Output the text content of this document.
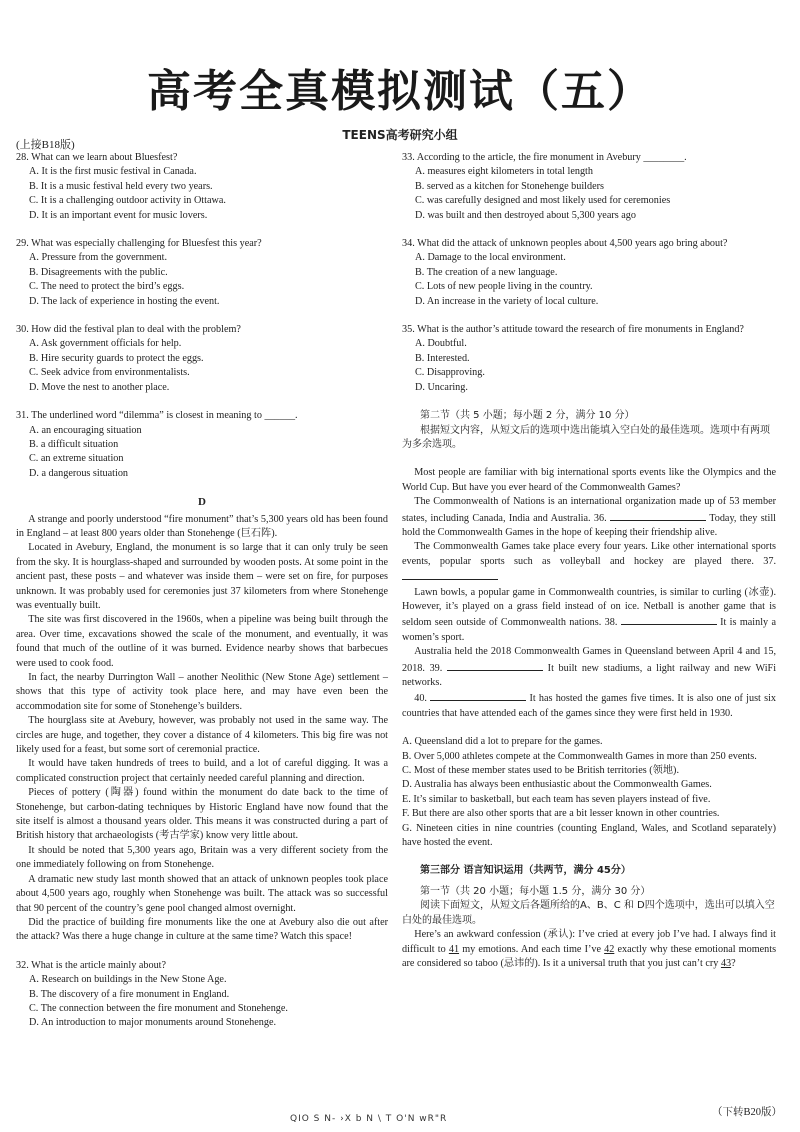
高考全真模拟测试（五）
TEENS高考研究小组
(上接B18版)

28. What can we learn about Bluesfest?

A. It is the first music festival in Canada.

B. It is a music festival held every two years.

C. It is a challenging outdoor activity in Ottawa.

D. It is an important event for music lovers.

29. What was especially challenging for Bluesfest this year?

A. Pressure from the government.

B. Disagreements with the public.

C. The need to protect the bird’s eggs.

D. The lack of experience in hosting the event.

30. How did the festival plan to deal with the problem?

A. Ask government officials for help.

B. Hire security guards to protect the eggs.

C. Seek advice from environmentalists.

D. Move the nest to another place.

31. The underlined word “dilemma” is closest in meaning to ______.

A. an encouraging situation

B. a difficult situation

C. an extreme situation

D. a dangerous situation

D

A strange and poorly understood “fire monument” that’s 5,300 years old has been found in England – at least 800 years older than Stonehenge (巨石阵).

Located in Avebury, England, the monument is so large that it can only truly be seen from the sky. It is hourglass-shaped and surrounded by wooden posts. At some point in the ancient past, these posts – and whatever was inside them – were set on fire, for purposes unknown. It was probably used for ceremonies just 37 kilometers from where Stonehenge was eventually built.

The site was first discovered in the 1960s, when a pipeline was being built through the area. Over time, excavations showed the scale of the monument, and eventually, it was found that much of the outline of it was burned. Evidence nearby shows that barbecues were used to cook food.

In fact, the nearby Durrington Wall – another Neolithic (New Stone Age) settlement – shows that this type of activity took place here, and may have even been the accommodation site for some of Stonehenge’s builders.

The hourglass site at Avebury, however, was probably not used in the same way. The circles are huge, and together, they cover a distance of 4 kilometers. This big fire was not likely used for a feast, but some sort of ceremonial practice.

It would have taken hundreds of trees to build, and a lot of careful digging. It was a complicated construction project that certainly needed careful planning and direction.

Pieces of pottery (陶器) found within the monument do date back to the time of Stonehenge, but carbon-dating techniques by Historic England have now found that the site itself is almost a thousand years older. This means it was constructed during a part of British history that archaeologists (考古学家) know very little about.

It should be noted that 5,300 years ago, Britain was a very different society from the one immediately following on from Stonehenge.

A dramatic new study last month showed that an attack of unknown peoples took place about 4,500 years ago, roughly when Stonehenge was built. The attack was so successful that 90 percent of the country’s gene pool changed almost overnight.

Did the practice of building fire monuments like the one at Avebury also die out after the attack? Was there a huge change in culture at the same time? Watch this space!

32. What is the article mainly about?

A. Research on buildings in the New Stone Age.

B. The discovery of a fire monument in England.

C. The connection between the fire monument and Stonehenge.

D. An introduction to major monuments around Stonehenge.

33. According to the article, the fire monument in Avebury ________.

A. measures eight kilometers in total length

B. served as a kitchen for Stonehenge builders

C. was carefully designed and most likely used for ceremonies

D. was built and then destroyed about 5,300 years ago

34. What did the attack of unknown peoples about 4,500 years ago bring about?

A. Damage to the local environment.

B. The creation of a new language.

C. Lots of new people living in the country.

D. An increase in the variety of local culture.

35. What is the author’s attitude toward the research of fire monuments in England?

A. Doubtful.

B. Interested.

C. Disapproving.

D. Uncaring.

第二节（共 5 小题；每小题 2 分，满分 10 分）

根据短文内容，从短文后的选项中选出能填入空白处的最佳选项。选项中有两项为多余选项。

Most people are familiar with big international sports events like the Olympics and the World Cup. But have you ever heard of the Commonwealth Games?

The Commonwealth of Nations is an international organization made up of 53 member states, including Canada, India and Australia. 36.	Today, they still hold the Commonwealth Games in the hope of keeping their friendship alive.

The Commonwealth Games take place every four years. Like other international sports events, popular sports such as volleyball and hockey are played there. 37.

Lawn bowls, a popular game in Commonwealth countries, is similar to curling (冰壶). However, it’s played on a grass field instead of on ice. Netball is another game that is seldom seen outside of Commonwealth nations. 38.	It is mainly a women’s sport.

Australia held the 2018 Commonwealth Games in Queensland between April 4 and 15, 2018. 39.	It built new stadiums, a light railway and new WiFi networks.

40.	It has hosted the games five times. It is also one of just six countries that have attended each of the games since they were first held in 1930.

A. Queensland did a lot to prepare for the games.

B. Over 5,000 athletes compete at the Commonwealth Games in more than 250 events.

C. Most of these member states used to be British territories (领地).

D. Australia has always been enthusiastic about the Commonwealth Games.

E. It’s similar to basketball, but each team has seven players instead of five.

F. But there are also other sports that are a bit lesser known in other countries.

G. Nineteen cities in nine countries (counting England, Wales, and Scotland separately) have hosted the event.

第三部分 语言知识运用（共两节，满分 45分）

第一节（共 20 小题；每小题 1.5 分，满分 30 分）

阅读下面短文，从短文后各题所给的A、B、C 和 D四个选项中，选出可以填入空白处的最佳选项。

Here’s an awkward confession (承认): I’ve cried at every job I’ve had. I always find it difficult to 41 my emotions. And each time I’ve 42 exactly why these emotional moments are considered so taboo (忌讳的). Is it a universal truth that you just can’t cry 43?

（下转B20版）
QIO S N- ›X b N \ T O'N wR"R
